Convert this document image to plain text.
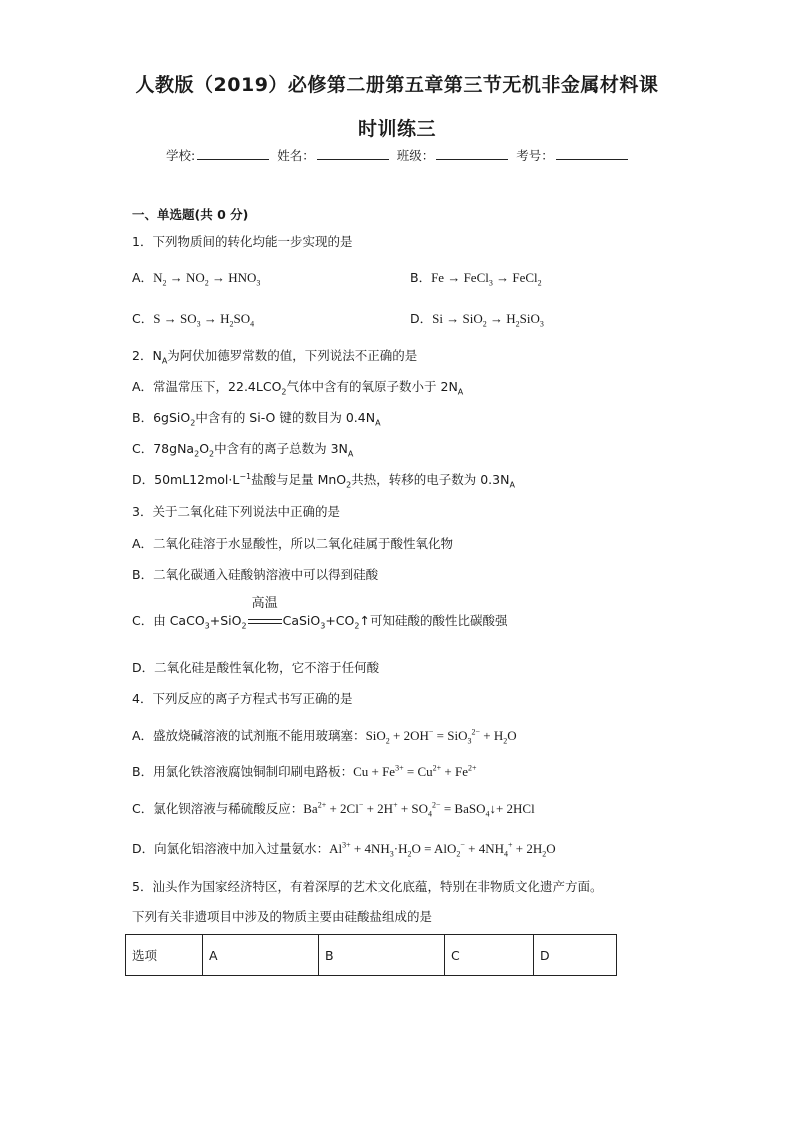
人教版（2019）必修第二册第五章第三节无机非金属材料课
时训练三
学校:	姓名：	班级：	考号：
一、单选题(共 0 分)
1．下列物质间的转化均能一步实现的是
A．$N_2 \to NO_2 \to HNO_3$	B．Fe → FeCl$_3$ → FeCl$_2$
C．$S \to SO_3 \to H_2SO_4$	D．$Si \to SiO_2 \to H_2SiO_3$
2．$N_A$为阿伏加德罗常数的值，下列说法不正确的是
A．常温常压下，$22.4LCO_2$气体中含有的氧原子数小于 $2N_A$
B．6gSiO$_2$中含有的 Si-O 键的数目为 $0.4N_A$
C．$78gNa_2O_2$中含有的离子总数为 $3N_A$
D．$50mL12mol\cdot L^{-1}$盐酸与足量 MnO$_2$共热，转移的电子数为 $0.3N_A$
3．关于二氧化硅下列说法中正确的是
A．二氧化硅溶于水显酸性，所以二氧化硅属于酸性氧化物
B．二氧化碳通入硅酸钠溶液中可以得到硅酸
C．由 CaCO$_3$+SiO$_2$
高温
$CaSiO_3+CO_2↑$可知硅酸的酸性比碳酸强
D．二氧化硅是酸性氧化物，它不溶于任何酸
4．下列反应的离子方程式书写正确的是
A．盛放烧碱溶液的试剂瓶不能用玻璃塞：$SiO_2 + 2OH^- = SiO_3^{2-} + H_2O$
B．用氯化铁溶液腐蚀铜制印刷电路板：$Cu + Fe^{3+} = Cu^{2+} + Fe^{2+}$
C．氯化钡溶液与稀硫酸反应：$Ba^{2+} + 2Cl^- + 2H^+ + SO_4^{2-}$ = BaSO$_4$↓+ 2HCl
D．向氯化铝溶液中加入过量氨水：$Al^{3+} + 4NH_3\cdot H_2O = AlO_2^- + 4NH_4^+ + 2H_2O$
5．汕头作为国家经济特区，有着深厚的艺术文化底蕴，特别在非物质文化遗产方面。
下列有关非遗项目中涉及的物质主要由硅酸盐组成的是
选项	A	B	C	D
